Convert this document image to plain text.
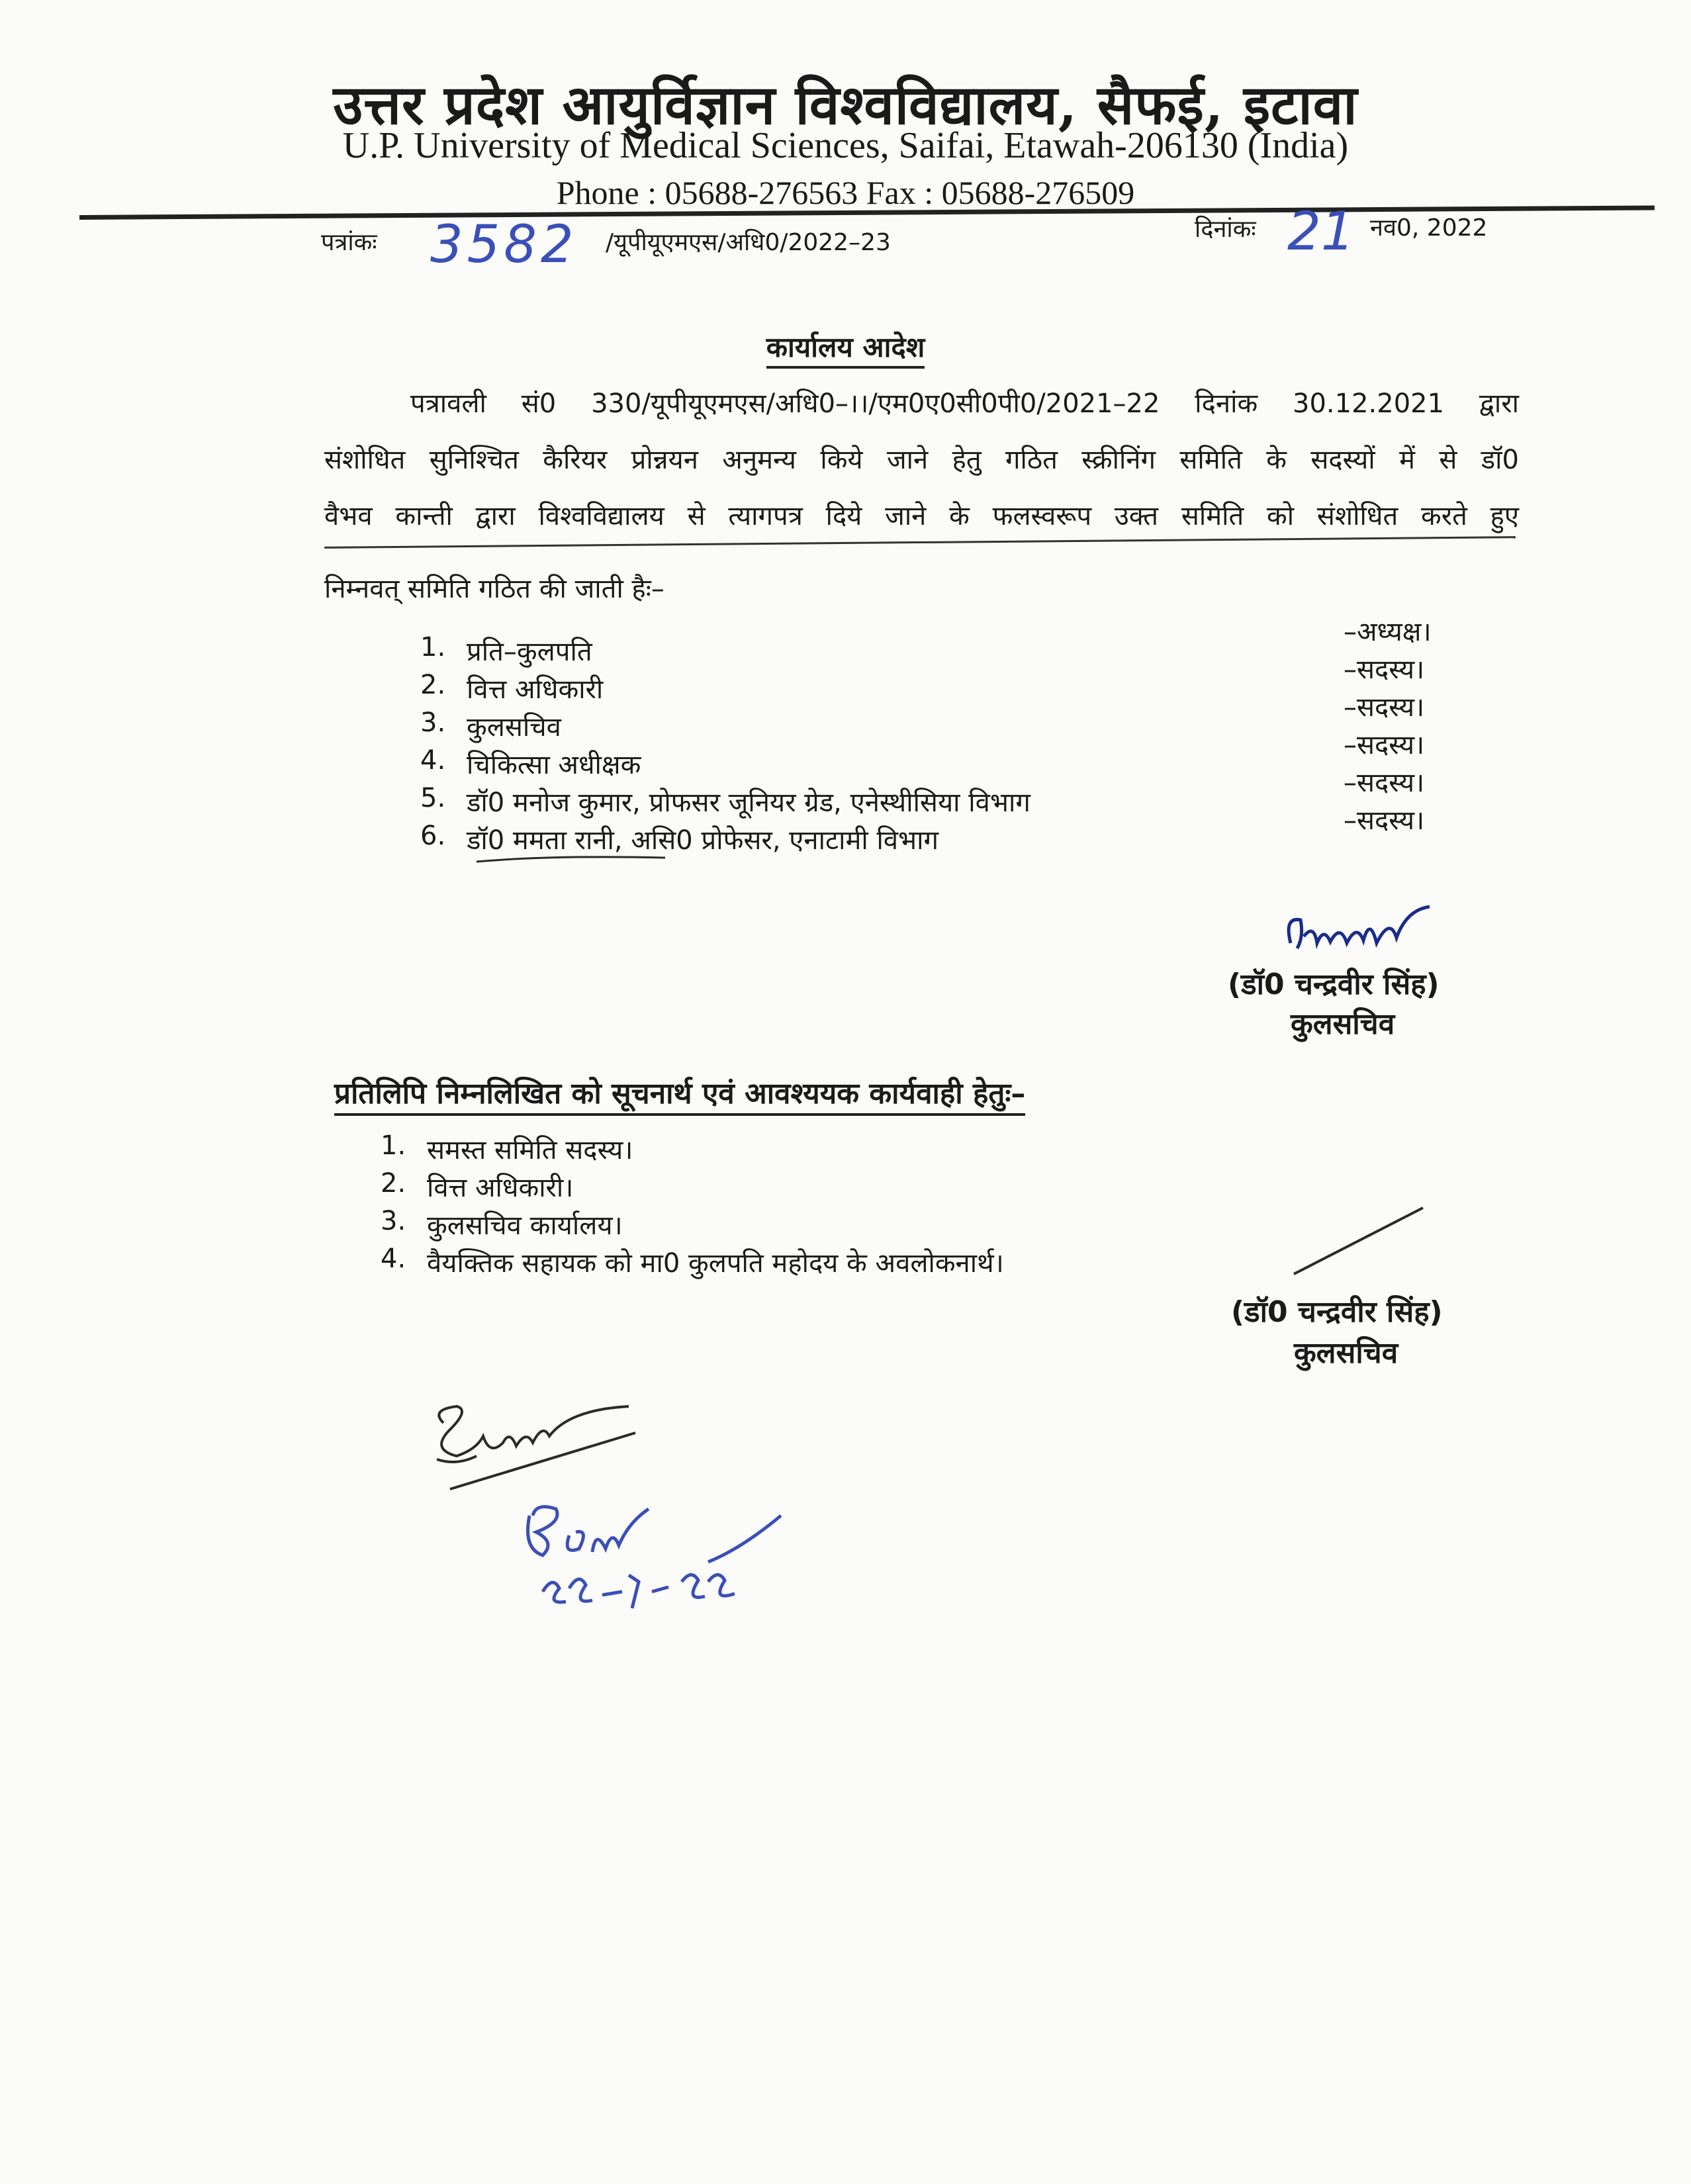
उत्तर प्रदेश आयुर्विज्ञान विश्वविद्यालय, सैफई, इटावा
U.P. University of Medical Sciences, Saifai, Etawah-206130 (India)
Phone : 05688-276563 Fax : 05688-276509
पत्रांकः 3582 /यूपीयूएमएस/अधि0/2022–23	दिनांकः 21 नव0, 2022
कार्यालय आदेश
पत्रावली सं0 330/यूपीयूएमएस/अधि0–।।/एम0ए0सी0पी0/2021–22 दिनांक 30.12.2021 द्वारा
संशोधित सुनिश्चित कैरियर प्रोन्नयन अनुमन्य किये जाने हेतु गठित स्क्रीनिंग समिति के सदस्यों में से डॉ0
वैभव कान्ती द्वारा विश्वविद्यालय से त्यागपत्र दिये जाने के फलस्वरूप उक्त समिति को संशोधित करते हुए
निम्नवत् समिति गठित की जाती हैः–
1. प्रति–कुलपति
–अध्यक्ष।
2. वित्त अधिकारी
–सदस्य।
3. कुलसचिव
–सदस्य।
4. चिकित्सा अधीक्षक
–सदस्य।
5. डॉ0 मनोज कुमार, प्रोफसर जूनियर ग्रेड, एनेस्थीसिया विभाग
–सदस्य।
6. डॉ0 ममता रानी, असि0 प्रोफेसर, एनाटामी विभाग
–सदस्य।
(डॉ0 चन्द्रवीर सिंह)
कुलसचिव
प्रतिलिपि निम्नलिखित को सूचनार्थ एवं आवश्ययक कार्यवाही हेतुः–
1. समस्त समिति सदस्य।
2. वित्त अधिकारी।
3. कुलसचिव कार्यालय।
4. वैयक्तिक सहायक को मा0 कुलपति महोदय के अवलोकनार्थ।
(डॉ0 चन्द्रवीर सिंह)
कुलसचिव
